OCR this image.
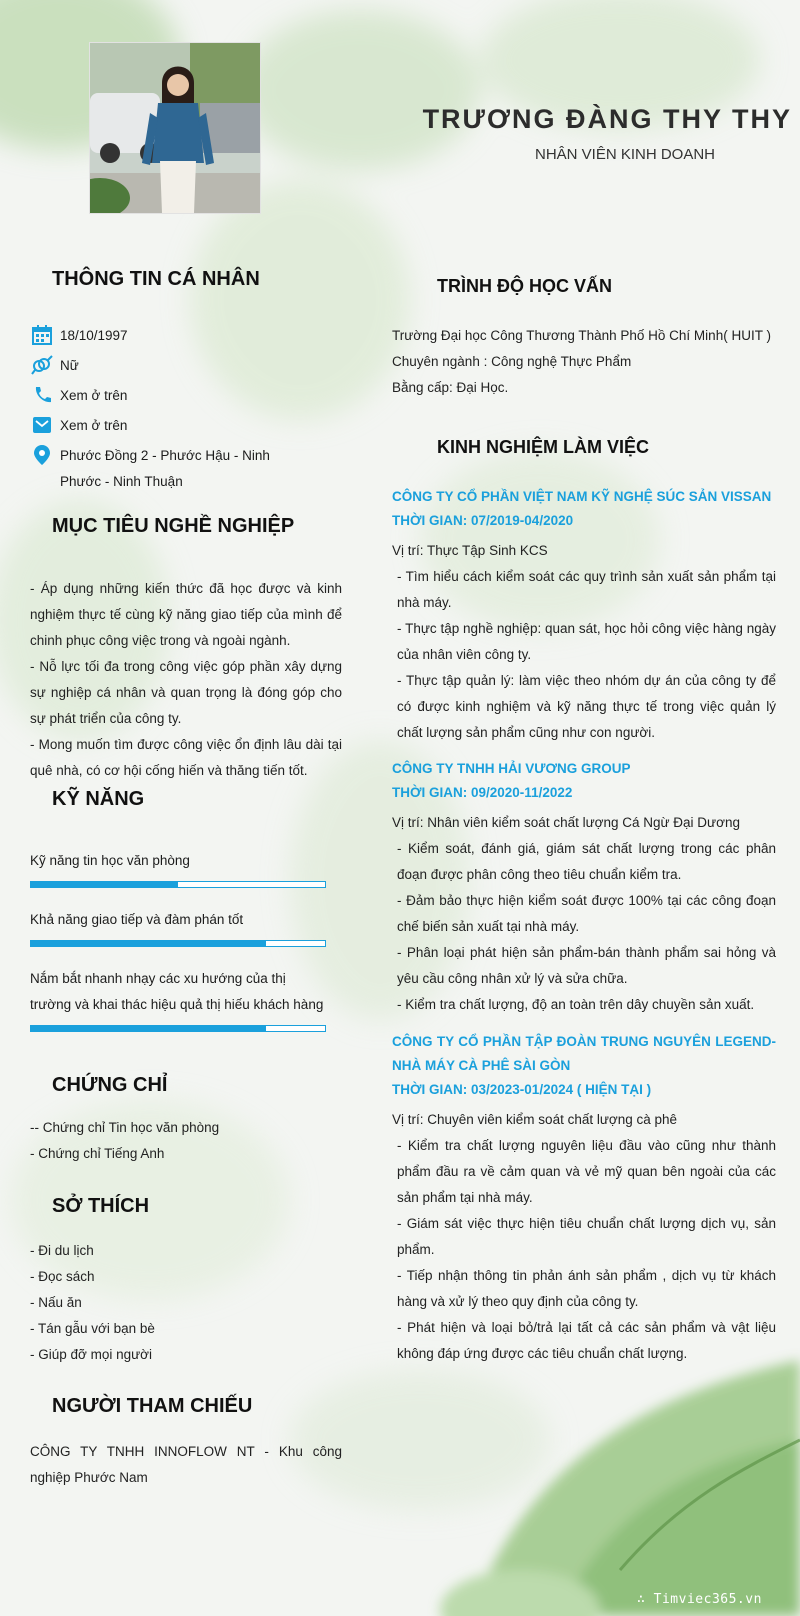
TRƯƠNG ĐÀNG THY THY
NHÂN VIÊN KINH DOANH
THÔNG TIN CÁ NHÂN
18/10/1997
Nữ
Xem ở trên
Xem ở trên
Phước Đồng 2 - Phước Hậu - Ninh Phước - Ninh Thuận
MỤC TIÊU NGHỀ NGHIỆP
- Áp dụng những kiến thức đã học được và kinh nghiệm thực tế cùng kỹ năng giao tiếp của mình để chinh phục công việc trong và ngoài ngành.
- Nỗ lực tối đa trong công việc góp phần xây dựng sự nghiệp cá nhân và quan trọng là đóng góp cho sự phát triển của công ty.
- Mong muốn tìm được công việc ổn định lâu dài tại quê nhà, có cơ hội cống hiến và thăng tiến tốt.
KỸ NĂNG
Kỹ năng tin học văn phòng
Khả năng giao tiếp và đàm phán tốt
Nắm bắt nhanh nhạy các xu hướng của thị trường và khai thác hiệu quả thị hiếu khách hàng
CHỨNG CHỈ
-- Chứng chỉ Tin học văn phòng
- Chứng chỉ Tiếng Anh
SỞ THÍCH
- Đi du lịch
- Đọc sách
- Nấu ăn
- Tán gẫu với bạn bè
- Giúp đỡ mọi người
NGƯỜI THAM CHIẾU
CÔNG TY TNHH INNOFLOW NT - Khu công nghiệp Phước Nam
TRÌNH ĐỘ HỌC VẤN
Trường Đại học Công Thương Thành Phố Hồ Chí Minh( HUIT )
Chuyên ngành : Công nghệ Thực Phẩm
Bằng cấp: Đại Học.
KINH NGHIỆM LÀM VIỆC
CÔNG TY CỔ PHẦN VIỆT NAM KỸ NGHỆ SÚC SẢN VISSAN
THỜI GIAN: 07/2019-04/2020
Vị trí: Thực Tập Sinh KCS
- Tìm hiểu cách kiểm soát các quy trình sản xuất sản phẩm tại nhà máy.
- Thực tập nghề nghiệp: quan sát, học hỏi công việc hàng ngày của nhân viên công ty.
- Thực tập quản lý: làm việc theo nhóm dự án của công ty để có được kinh nghiệm và kỹ năng thực tế trong việc quản lý chất lượng sản phẩm cũng như con người.
CÔNG TY TNHH HẢI VƯƠNG GROUP
THỜI GIAN: 09/2020-11/2022
Vị trí: Nhân viên kiểm soát chất lượng Cá Ngừ Đại Dương
- Kiểm soát, đánh giá, giám sát chất lượng trong các phân đoạn được phân công theo tiêu chuẩn kiểm tra.
- Đảm bảo thực hiện kiểm soát được 100% tại các công đoạn chế biến sản xuất tại nhà máy.
- Phân loại phát hiện sản phẩm-bán thành phẩm sai hỏng và yêu cầu công nhân xử lý và sửa chữa.
- Kiểm tra chất lượng, độ an toàn trên dây chuyền sản xuất.
CÔNG TY CỔ PHẦN TẬP ĐOÀN TRUNG NGUYÊN LEGEND- NHÀ MÁY CÀ PHÊ SÀI GÒN
THỜI GIAN: 03/2023-01/2024 ( HIỆN TẠI )
Vị trí: Chuyên viên kiểm soát chất lượng cà phê
- Kiểm tra chất lượng nguyên liệu đầu vào cũng như thành phẩm đầu ra về cảm quan và vẻ mỹ quan bên ngoài của các sản phẩm tại nhà máy.
- Giám sát việc thực hiện tiêu chuẩn chất lượng dịch vụ, sản phẩm.
- Tiếp nhận thông tin phản ánh sản phẩm , dịch vụ từ khách hàng và xử lý theo quy định của công ty.
- Phát hiện và loại bỏ/trả lại tất cả các sản phẩm và vật liệu không đáp ứng được các tiêu chuẩn chất lượng.
∴ Timviec365.vn
